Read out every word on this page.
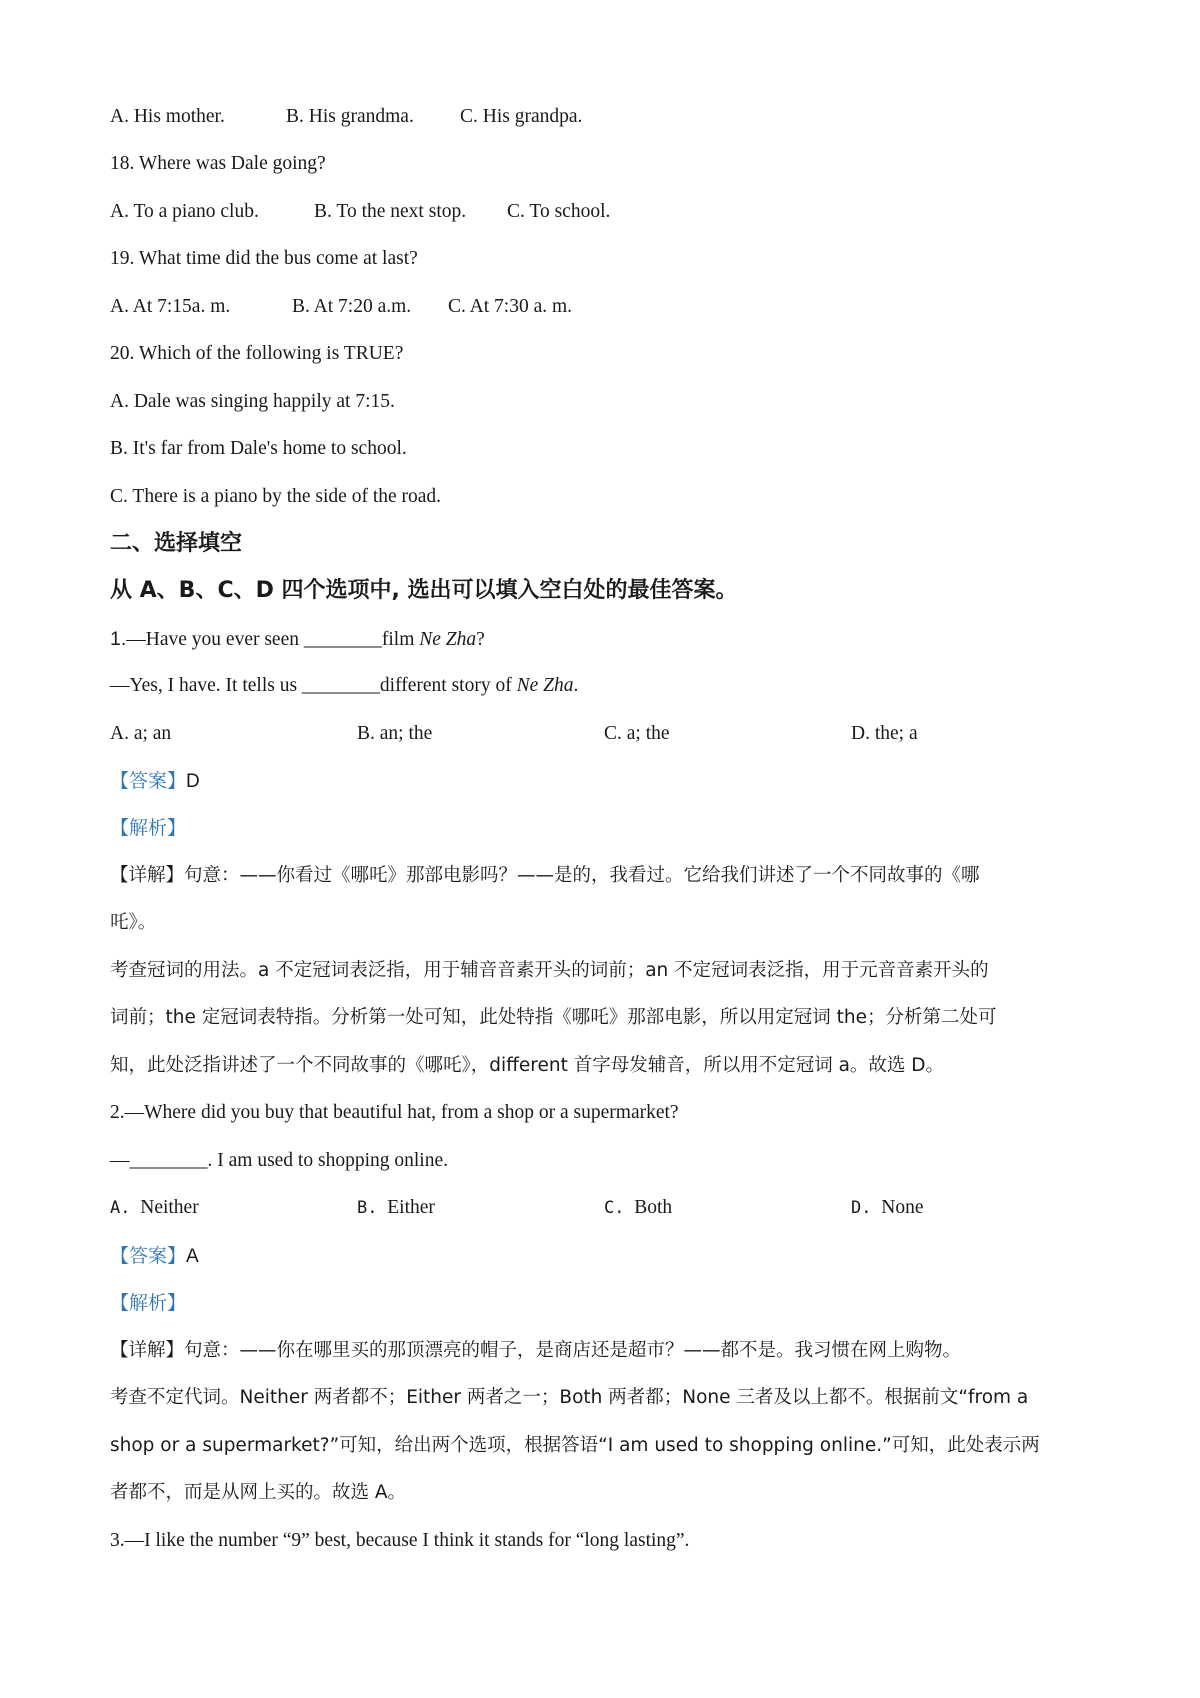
A. His mother.	B. His grandma. C. His grandpa.
18. Where was Dale going?
A. To a piano club.	B. To the next stop. C. To school.
19. What time did the bus come at last?
A. At 7:15a. m.	B. At 7:20 a.m. C. At 7:30 a. m.
20. Which of the following is TRUE?
A. Dale was singing happily at 7:15.
B. It's far from Dale's home to school.
C. There is a piano by the side of the road.
二、选择填空
从 A、B、C、D 四个选项中, 选出可以填入空白处的最佳答案。
1.—Have you ever seen ________film Ne Zha?
—Yes, I have. It tells us ________different story of Ne Zha.
A. a; an	B. an; the	C. a; the	D. the; a
【答案】D
【解析】
【详解】句意：——你看过《哪吒》那部电影吗？——是的，我看过。它给我们讲述了一个不同故事的《哪
吒》。
考查冠词的用法。a 不定冠词表泛指，用于辅音音素开头的词前；an 不定冠词表泛指，用于元音音素开头的
词前；the 定冠词表特指。分析第一处可知，此处特指《哪吒》那部电影，所以用定冠词 the；分析第二处可
知，此处泛指讲述了一个不同故事的《哪吒》，different 首字母发辅音，所以用不定冠词 a。故选 D。
2.—Where did you buy that beautiful hat, from a shop or a supermarket?
—________. I am used to shopping online.
A. Neither	B. Either	C. Both	D. None
【答案】A
【解析】
【详解】句意：——你在哪里买的那顶漂亮的帽子，是商店还是超市？——都不是。我习惯在网上购物。
考查不定代词。Neither 两者都不；Either 两者之一；Both 两者都；None 三者及以上都不。根据前文“from a
shop or a supermarket?”可知，给出两个选项，根据答语“I am used to shopping online.”可知，此处表示两
者都不，而是从网上买的。故选 A。
3.—I like the number “9” best, because I think it stands for “long lasting”.
